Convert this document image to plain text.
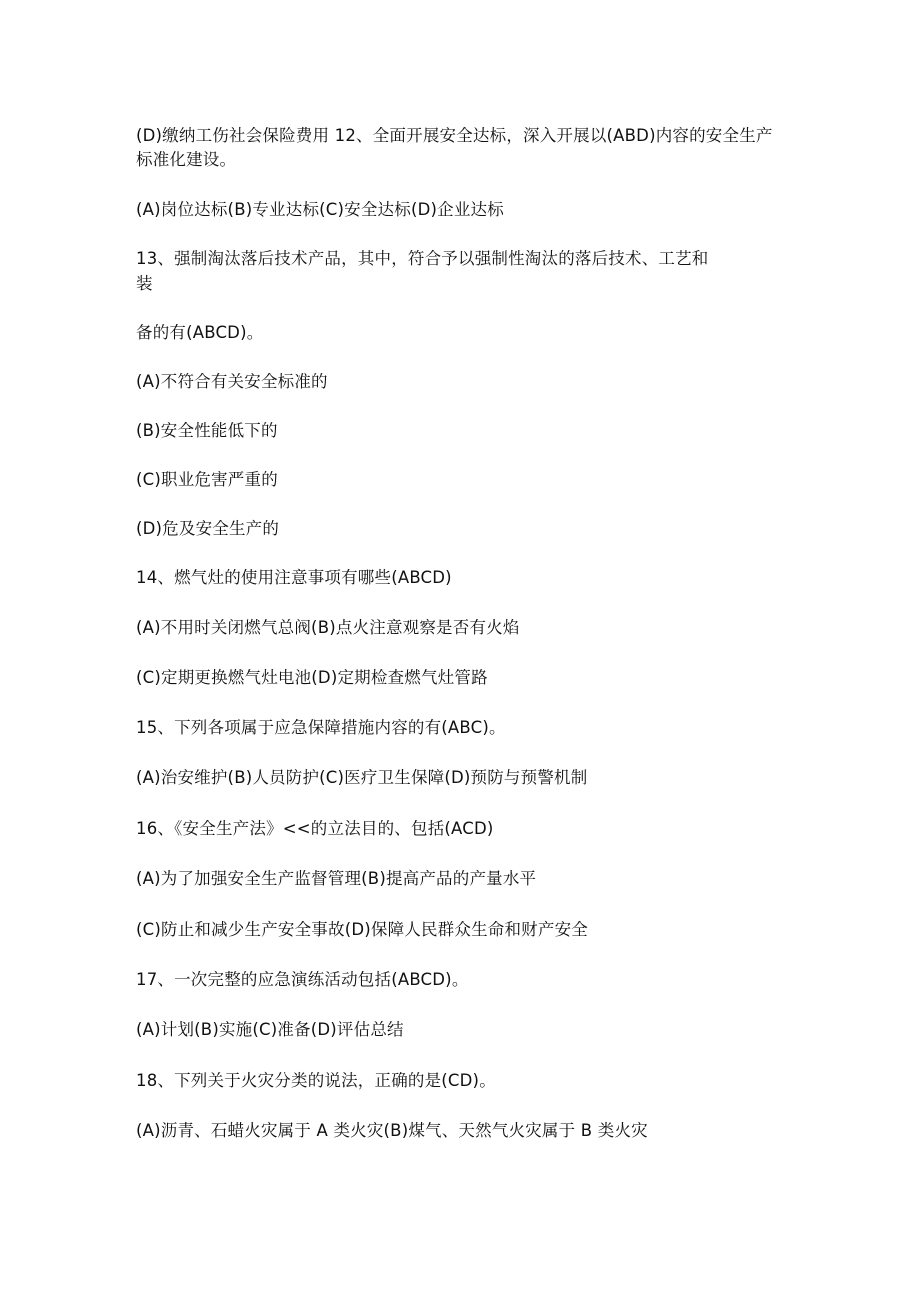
(D)缴纳工伤社会保险费用 12、全面开展安全达标，深入开展以(ABD)内容的安全生产标准化建设。
(A)岗位达标(B)专业达标(C)安全达标(D)企业达标
13、强制淘汰落后技术产品，其中，符合予以强制性淘汰的落后技术、工艺和
装
备的有(ABCD)。
(A)不符合有关安全标准的
(B)安全性能低下的
(C)职业危害严重的
(D)危及安全生产的
14、燃气灶的使用注意事项有哪些(ABCD)
(A)不用时关闭燃气总阀(B)点火注意观察是否有火焰
(C)定期更换燃气灶电池(D)定期检查燃气灶管路
15、下列各项属于应急保障措施内容的有(ABC)。
(A)治安维护(B)人员防护(C)医疗卫生保障(D)预防与预警机制
16、《安全生产法》<<的立法目的、包括(ACD)
(A)为了加强安全生产监督管理(B)提高产品的产量水平
(C)防止和减少生产安全事故(D)保障人民群众生命和财产安全
17、一次完整的应急演练活动包括(ABCD)。
(A)计划(B)实施(C)准备(D)评估总结
18、下列关于火灾分类的说法，正确的是(CD)。
(A)沥青、石蜡火灾属于 A 类火灾(B)煤气、天然气火灾属于 B 类火灾
